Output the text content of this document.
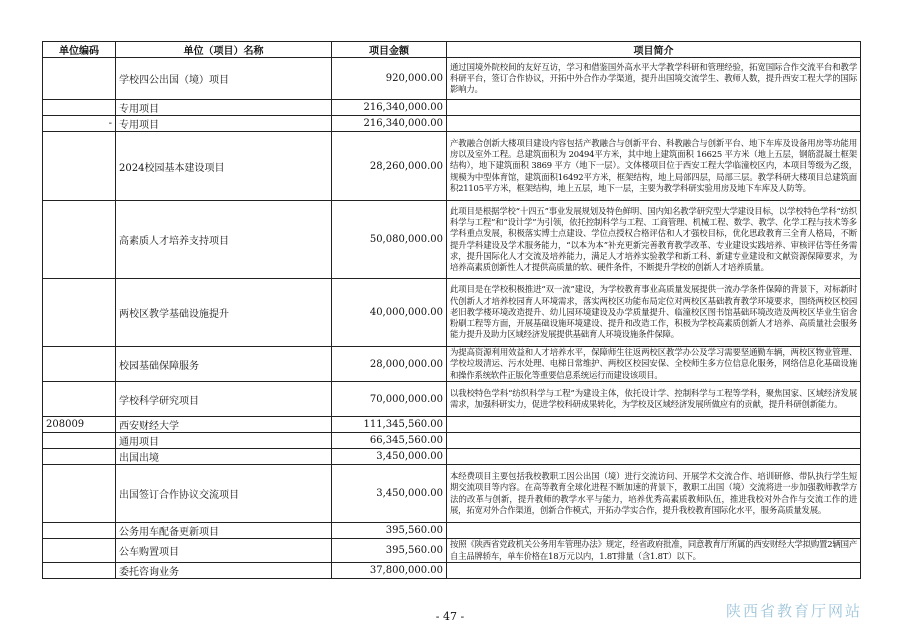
单位编码	单位（项目）名称	项目金额	项目简介
	学校四公出国（境）项目	920,000.00	通过国境外院校间的友好互访，学习和借鉴国外高水平大学教学科研和管理经验，拓宽国际合作交流平台和教学科研平台，签订合作协议，开拓中外合作办学渠道，提升出国境交流学生、教师人数，提升西安工程大学的国际影响力。
	专用项目	216,340,000.00	
-	专用项目	216,340,000.00	
	2024校园基本建设项目	28,260,000.00	产教融合创新大楼项目建设内容包括产教融合与创新平台、科教融合与创新平台、地下车库及设备用房等功能用房以及室外工程。总建筑面积为 20494平方米，其中地上建筑面积 16625 平方米（地上五层，钢筋混凝土框架结构），地下建筑面积 3869 平方（地下一层）。文体楼项目位于西安工程大学临潼校区内，本项目等级为乙级，规模为中型体育馆，建筑面积16492平方米，框架结构，地上局部四层，局部三层。教学科研大楼项目总建筑面积21105平方米，框架结构，地上五层，地下一层，主要为教学科研实验用房及地下车库及人防等。
	高素质人才培养支持项目	50,080,000.00	此项目是根据学校“十四五”事业发展规划及特色鲜明、国内知名教学研究型大学建设目标，以学校特色学科“纺织科学与工程”和“设计学”为引领，依托控制科学与工程、工商管理、机械工程、数学、教学、化学工程与技术等多学科重点发展，积极落实博士点建设、学位点授权合格评估和人才强校目标，优化思政教育三全育人格局，不断提升学科建设及学术服务能力，“以本为本”补充更新完善教育教学改革、专业建设实践培养、审核评估等任务需求，提升国际化人才交流及培养能力，满足人才培养实验教学和新工科、新建专业建设和文献资源保障要求，为培养高素质创新性人才提供高质量的软、硬件条件，不断提升学校的创新人才培养质量。
	两校区教学基础设施提升	40,000,000.00	此项目是在学校积极推进“双一流”建设，为学校教育事业高质量发展提供一流办学条件保障的背景下，对标新时代创新人才培养校园育人环境需求，落实两校区功能布局定位对两校区基础教育教学环境要求，围绕两校区校园老旧教学楼环境改造提升、幼儿园环境建设及办学质量提升、临潼校区图书馆基础环境改造及两校区毕业生宿舍粉刷工程等方面，开展基础设施环境建设、提升和改造工作，积极为学校高素质创新人才培养、高质量社会服务能力提升及助力区域经济发展提供基础育人环境设施条件保障。
	校园基础保障服务	28,000,000.00	为提高资源利用效益和人才培养水平，保障师生往返两校区教学办公及学习需要坚通勤车辆，两校区物业管理、学校垃圾清运、污水处理、电梯日常维护、两校区校园安保、全校师生多方位信息化服务，网络信息化基础设施和操作系统软件正版化等重要信息系统运行而建设该项目。
	学校科学研究项目	70,000,000.00	以我校特色学科“纺织科学与工程”为建设主体，依托设计学、控制科学与工程等学科，聚焦国家、区域经济发展需求，加强科研实力，促进学校科研成果转化，为学校及区域经济发展所做应有的贡献，提升科研创新能力。
208009	西安财经大学	111,345,560.00	
	通用项目	66,345,560.00	
	出国出境	3,450,000.00	
	出国签订合作协议交流项目	3,450,000.00	本经费项目主要包括我校教职工因公出国（境）进行交流访问、开展学术交流合作、培训研修、带队执行学生短期交流项目等内容。在高等教育全球化进程不断加速的背景下，教职工出国（境）交流将进一步加强教师教学方法的改革与创新，提升教师的教学水平与能力，培养优秀高素质教师队伍，推进我校对外合作与交流工作的进展，拓宽对外合作渠道，创新合作模式，开拓办学实合作，提升我校教育国际化水平，服务高质量发展。
	公务用车配备更新项目	395,560.00	
	公车购置项目	395,560.00	按照《陕西省党政机关公务用车管理办法》规定，经省政府批准，同意教育厅所属的西安财经大学拟购置2辆国产自主品牌轿车，单车价格在18万元以内，1.8T排量（含1.8T）以下。
	委托咨询业务	37,800,000.00	
- 47 -	陕西省教育厅网站
